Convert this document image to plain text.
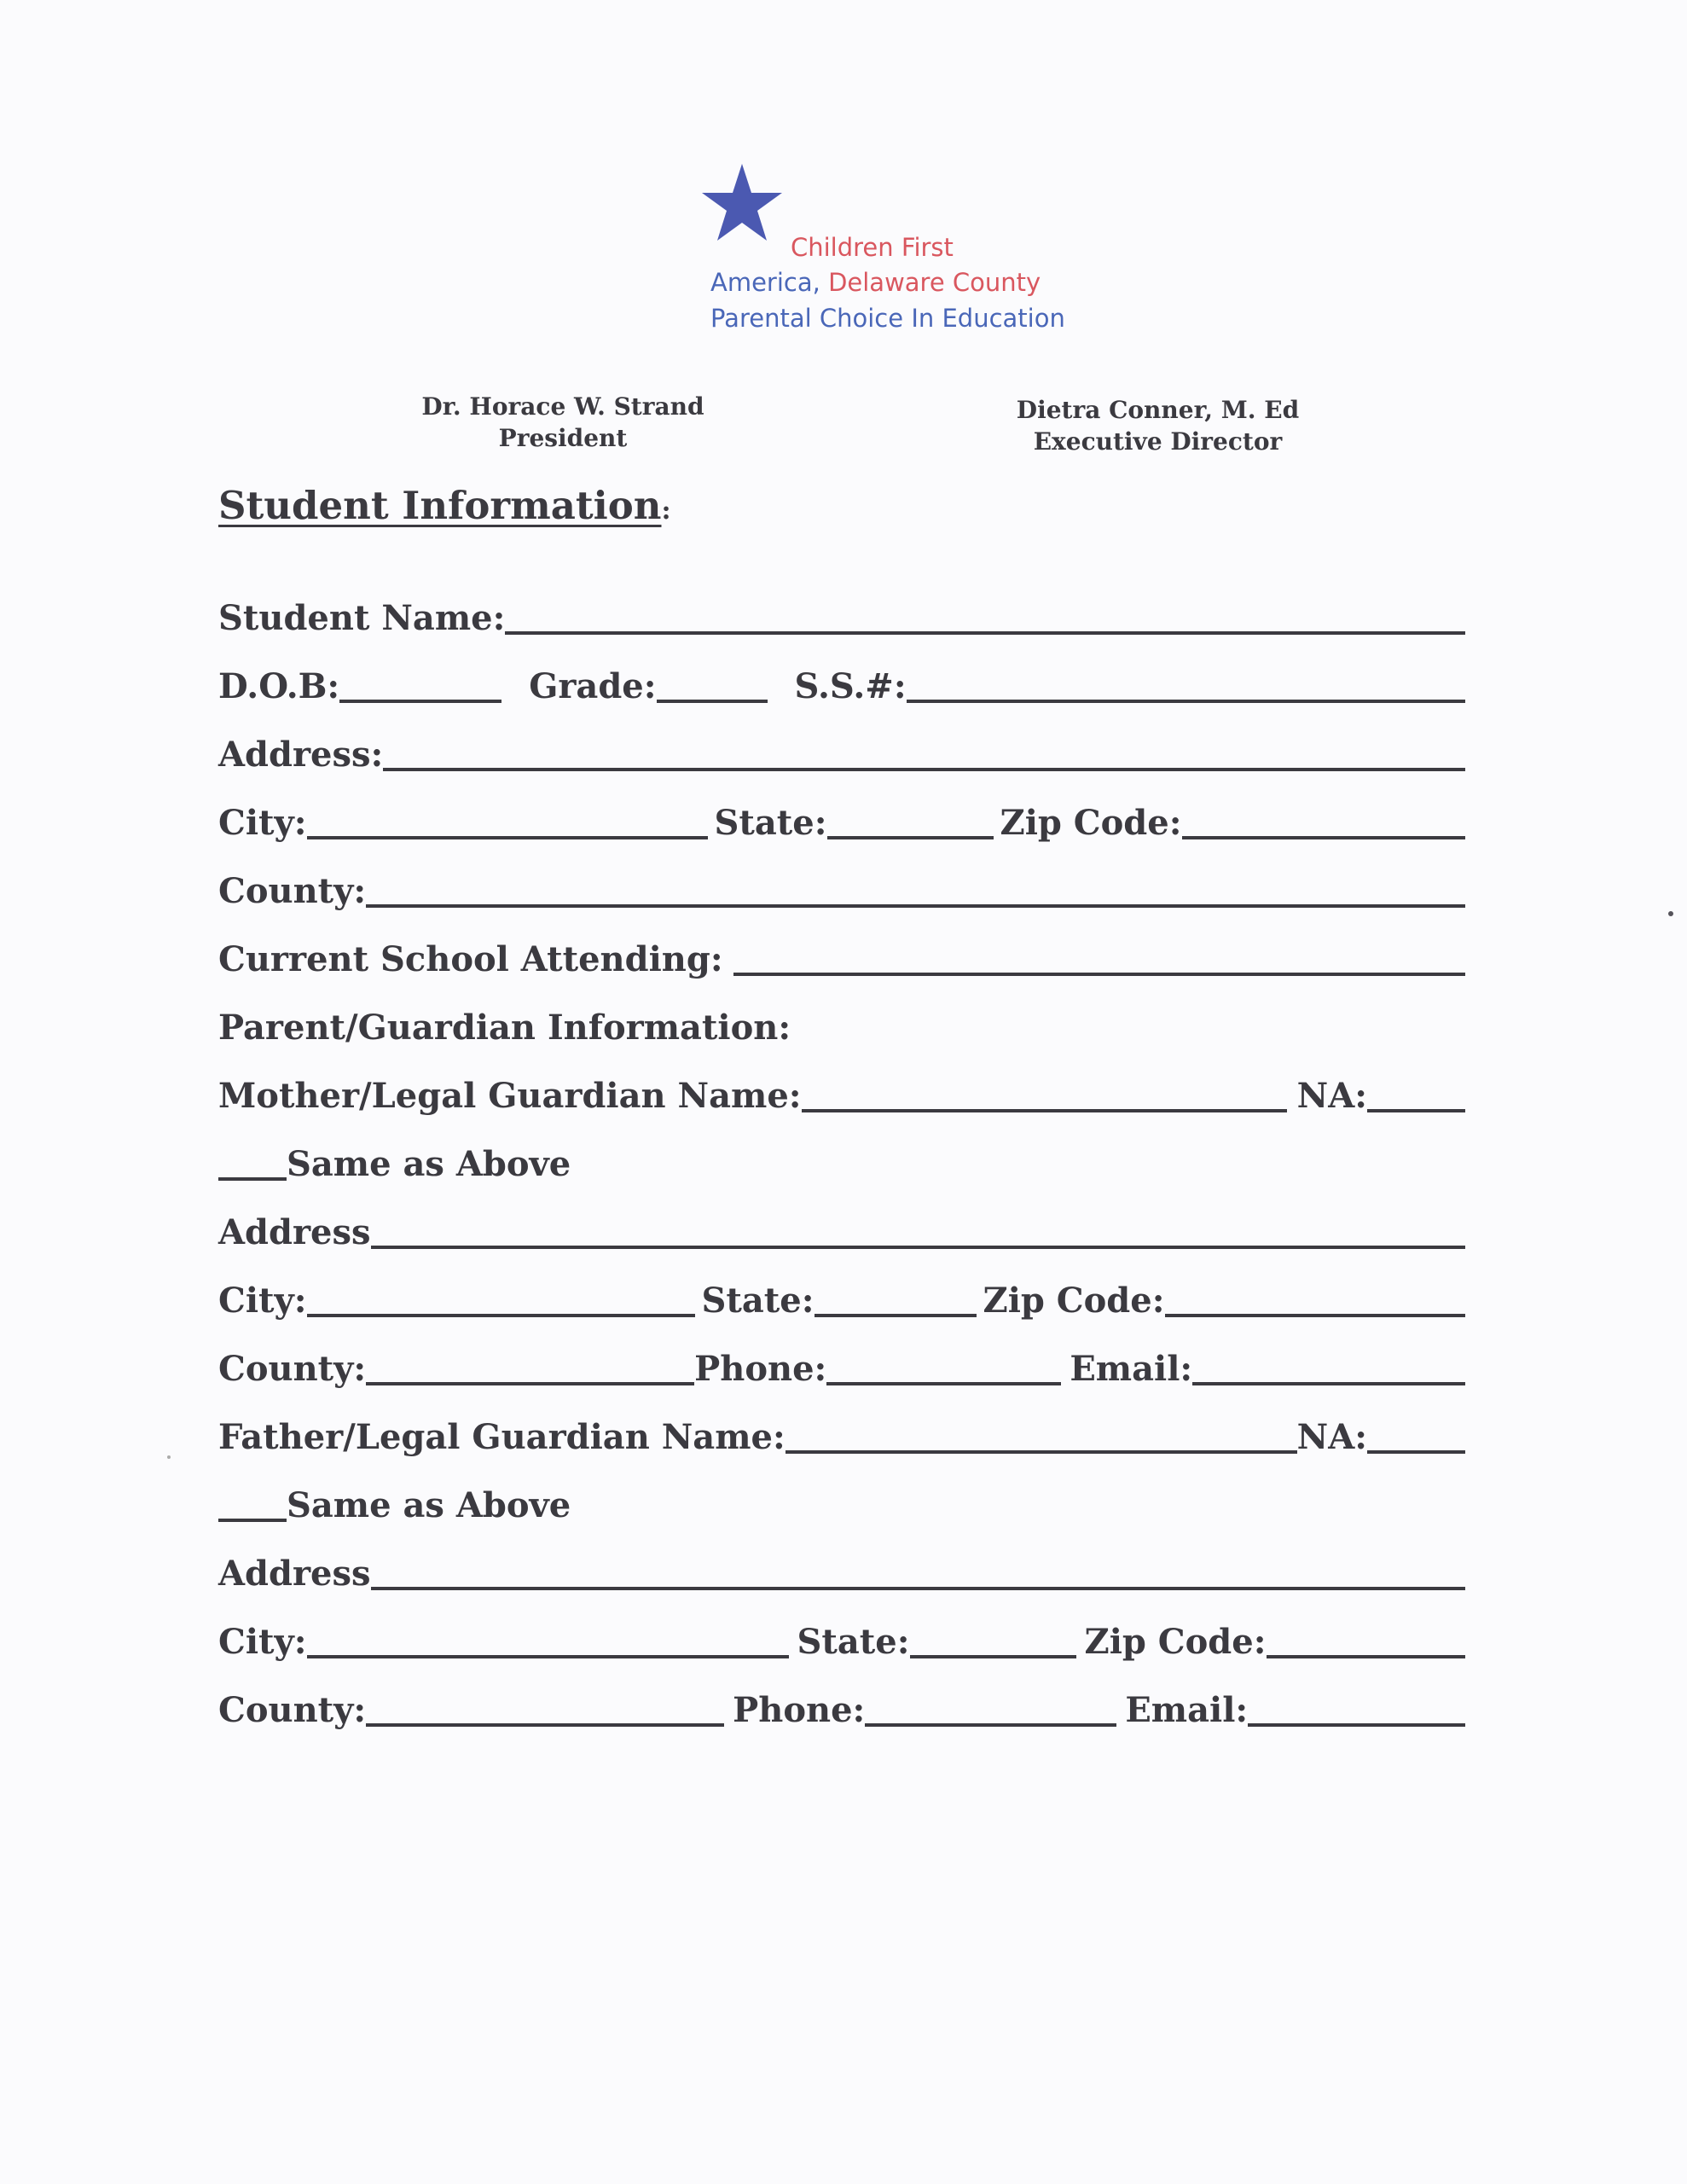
Children First
America, Delaware County
Parental Choice In Education
Dr. Horace W. Strand
President
Dietra Conner, M. Ed
Executive Director
Student Information:
Student Name:
D.O.B:	Grade:	S.S.#:
Address:
City:	State:	Zip Code:
County:
Current School Attending:
Parent/Guardian Information:
Mother/Legal Guardian Name:	NA:
Same as Above
Address
City:	State:	Zip Code:
County:	Phone:	Email:
Father/Legal Guardian Name:	NA:
Same as Above
Address
City:	State:	Zip Code:
County:	Phone:	Email:
